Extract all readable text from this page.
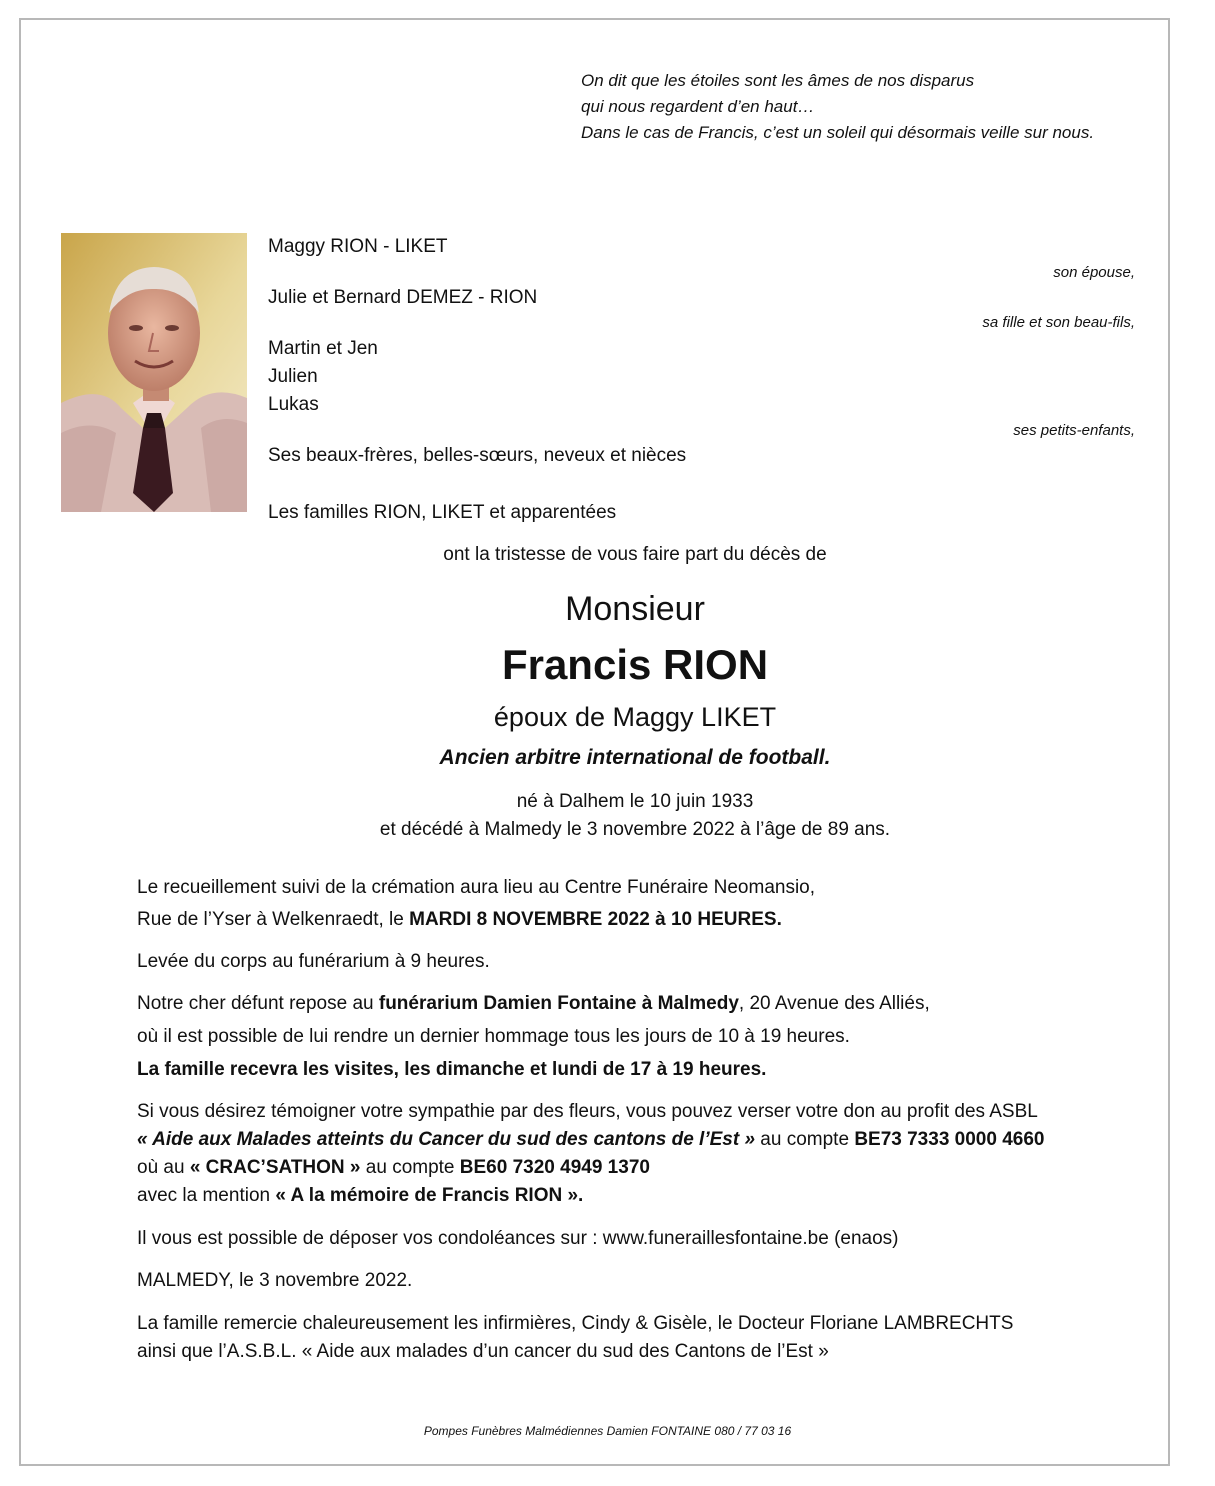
On dit que les étoiles sont les âmes de nos disparus
qui nous regardent d’en haut…
Dans le cas de Francis, c’est un soleil qui désormais veille sur nous.
Maggy RION - LIKET
son épouse,
Julie et Bernard DEMEZ - RION
sa fille et son beau-fils,
Martin et Jen
Julien
Lukas
ses petits-enfants,
Ses beaux-frères, belles-sœurs, neveux et nièces
Les familles RION, LIKET et apparentées
ont la tristesse de vous faire part du décès de
Monsieur
Francis RION
époux de Maggy LIKET
Ancien arbitre international de football.
né à Dalhem le 10 juin 1933
et décédé à Malmedy le 3 novembre 2022 à l’âge de 89 ans.
Le recueillement suivi de la crémation aura lieu au Centre Funéraire Neomansio,
Rue de l’Yser à Welkenraedt, le MARDI 8 NOVEMBRE 2022 à 10 HEURES.
Levée du corps au funérarium à 9 heures.
Notre cher défunt repose au funérarium Damien Fontaine à Malmedy, 20 Avenue des Alliés,
où il est possible de lui rendre un dernier hommage tous les jours de 10 à 19 heures.
La famille recevra les visites, les dimanche et lundi de 17 à 19 heures.
Si vous désirez témoigner votre sympathie par des fleurs, vous pouvez verser votre don au profit des ASBL
« Aide aux Malades atteints du Cancer du sud des cantons de l’Est » au compte BE73 7333 0000 4660
où au « CRAC’SATHON » au compte BE60 7320 4949 1370
avec la mention « A la mémoire de Francis RION ».
Il vous est possible de déposer vos condoléances sur : www.funeraillesfontaine.be (enaos)
MALMEDY, le 3 novembre 2022.
La famille remercie chaleureusement les infirmières, Cindy & Gisèle, le Docteur Floriane LAMBRECHTS
ainsi que l’A.S.B.L. « Aide aux malades d’un cancer du sud des Cantons de l’Est »
Pompes Funèbres Malmédiennes Damien FONTAINE 080 / 77 03 16
